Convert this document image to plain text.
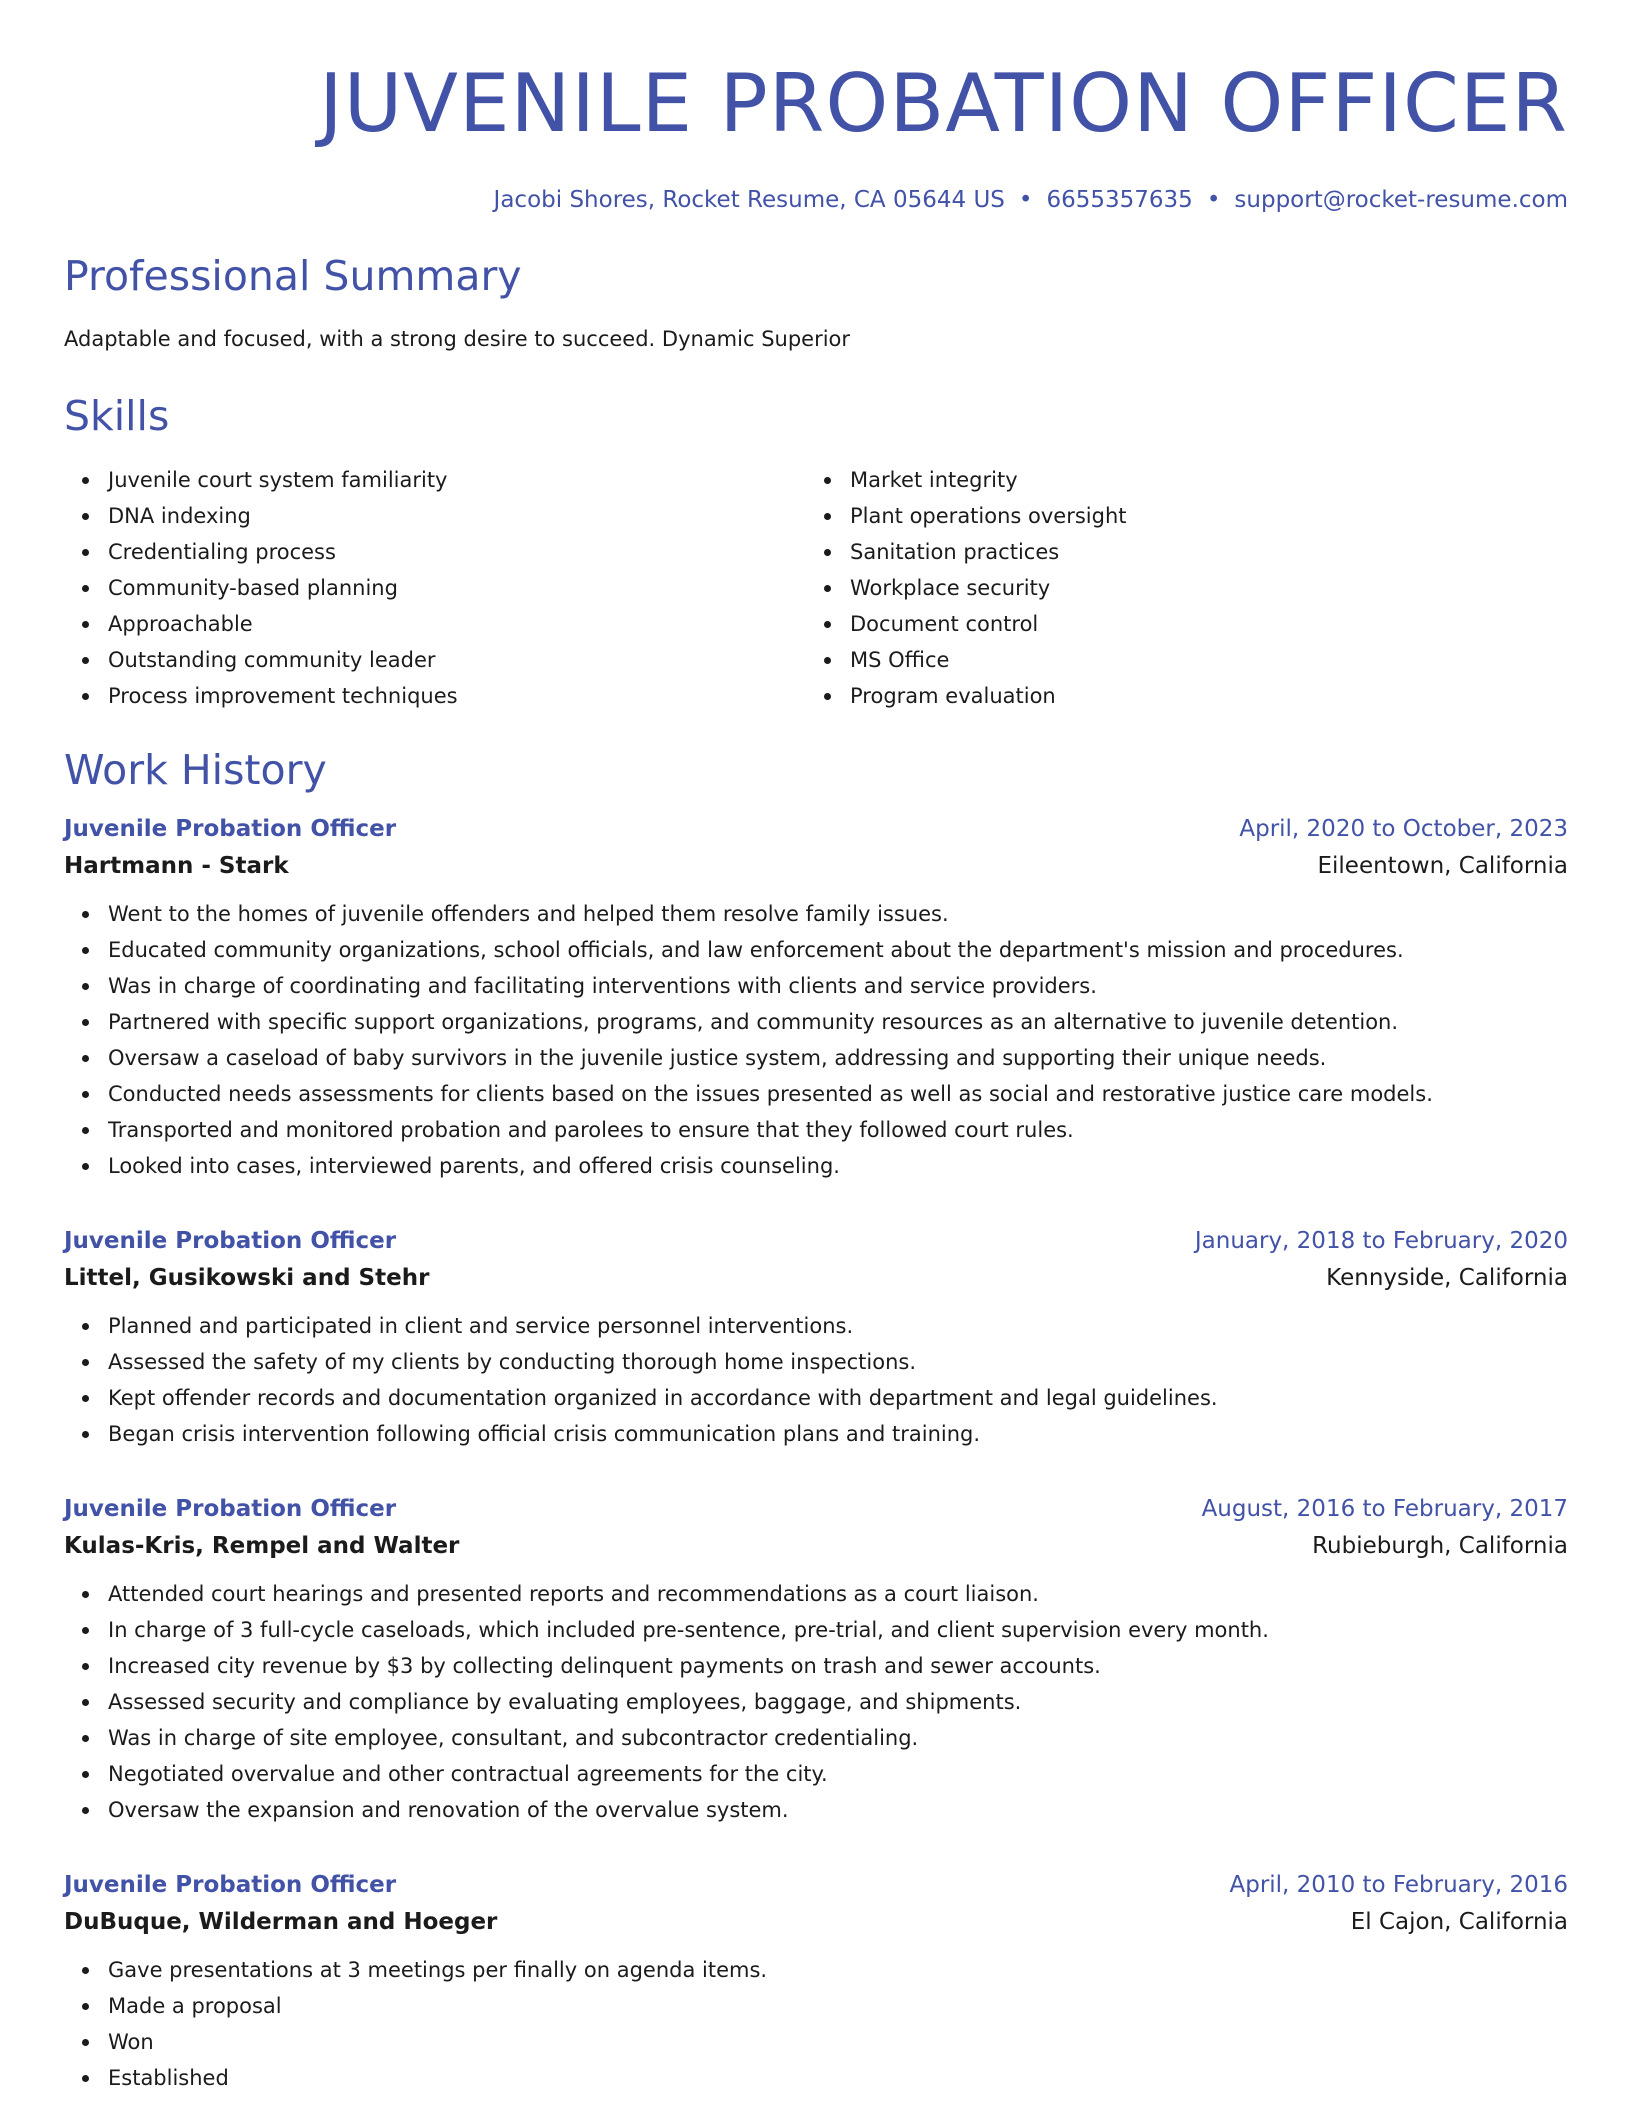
JUVENILE PROBATION OFFICER
Jacobi Shores, Rocket Resume, CA 05644 US • 6655357635 • support@rocket-resume.com
Professional Summary
Adaptable and focused, with a strong desire to succeed. Dynamic Superior
Skills
Juvenile court system familiarity
DNA indexing
Credentialing process
Community-based planning
Approachable
Outstanding community leader
Process improvement techniques
Market integrity
Plant operations oversight
Sanitation practices
Workplace security
Document control
MS Office
Program evaluation
Work History
Juvenile Probation Officer	April, 2020 to October, 2023
Hartmann - Stark	Eileentown, California
Went to the homes of juvenile offenders and helped them resolve family issues.
Educated community organizations, school officials, and law enforcement about the department's mission and procedures.
Was in charge of coordinating and facilitating interventions with clients and service providers.
Partnered with specific support organizations, programs, and community resources as an alternative to juvenile detention.
Oversaw a caseload of baby survivors in the juvenile justice system, addressing and supporting their unique needs.
Conducted needs assessments for clients based on the issues presented as well as social and restorative justice care models.
Transported and monitored probation and parolees to ensure that they followed court rules.
Looked into cases, interviewed parents, and offered crisis counseling.
Juvenile Probation Officer	January, 2018 to February, 2020
Littel, Gusikowski and Stehr	Kennyside, California
Planned and participated in client and service personnel interventions.
Assessed the safety of my clients by conducting thorough home inspections.
Kept offender records and documentation organized in accordance with department and legal guidelines.
Began crisis intervention following official crisis communication plans and training.
Juvenile Probation Officer	August, 2016 to February, 2017
Kulas-Kris, Rempel and Walter	Rubieburgh, California
Attended court hearings and presented reports and recommendations as a court liaison.
In charge of 3 full-cycle caseloads, which included pre-sentence, pre-trial, and client supervision every month.
Increased city revenue by $3 by collecting delinquent payments on trash and sewer accounts.
Assessed security and compliance by evaluating employees, baggage, and shipments.
Was in charge of site employee, consultant, and subcontractor credentialing.
Negotiated overvalue and other contractual agreements for the city.
Oversaw the expansion and renovation of the overvalue system.
Juvenile Probation Officer	April, 2010 to February, 2016
DuBuque, Wilderman and Hoeger	El Cajon, California
Gave presentations at 3 meetings per finally on agenda items.
Made a proposal
Won
Established
